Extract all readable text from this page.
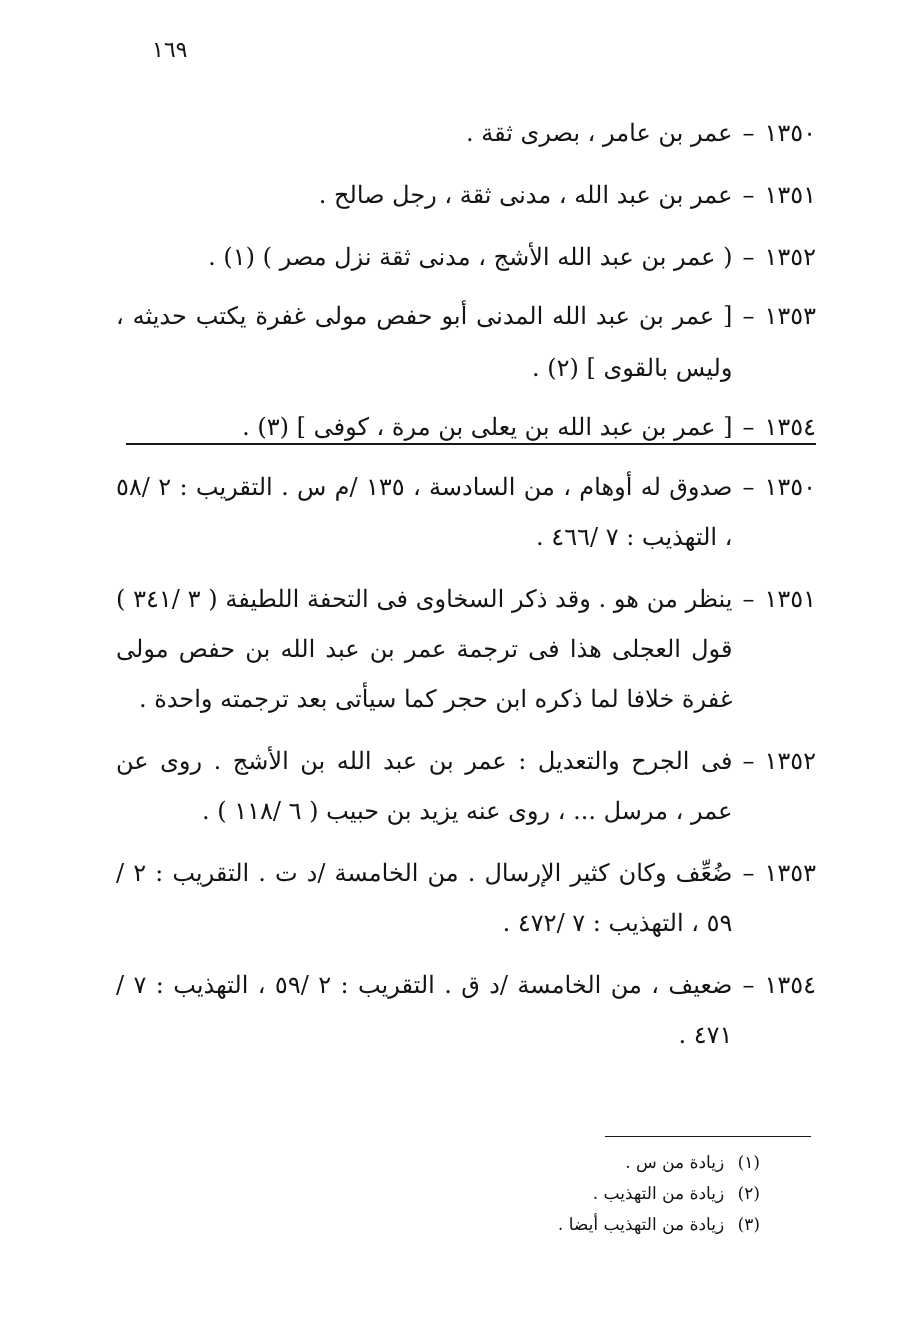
١٦٩
١٣٥٠
–
عمر بن عامر ، بصرى ثقة .
١٣٥١
–
عمر بن عبد الله ، مدنى ثقة ، رجل صالح .
١٣٥٢
–
( عمر بن عبد الله الأشج ، مدنى ثقة نزل مصر ) (١) .
١٣٥٣
–
[ عمر بن عبد الله المدنى أبو حفص مولى غفرة يكتب حديثه ، وليس بالقوى ] (٢) .
١٣٥٤
–
[ عمر بن عبد الله بن يعلى بن مرة ، كوفى ] (٣) .
١٣٥٠
–
صدوق له أوهام ، من السادسة ، ١٣٥ /م س . التقريب : ٢ /٥٨ ، التهذيب : ٧ /٤٦٦ .
١٣٥١
–
ينظر من هو . وقد ذكر السخاوى فى التحفة اللطيفة ( ٣ /٣٤١ ) قول العجلى هذا فى ترجمة عمر بن عبد الله بن حفص مولى غفرة خلافا لما ذكره ابن حجر كما سيأتى بعد ترجمته واحدة .
١٣٥٢
–
فى الجرح والتعديل : عمر بن عبد الله بن الأشج . روى عن عمر ، مرسل ... ، روى عنه يزيد بن حبيب ( ٦ /١١٨ ) .
١٣٥٣
–
ضُعِّف وكان كثير الإرسال . من الخامسة /د ت . التقريب : ٢ /٥٩ ، التهذيب : ٧ /٤٧٢ .
١٣٥٤
–
ضعيف ، من الخامسة /د ق . التقريب : ٢ /٥٩ ، التهذيب : ٧ /٤٧١ .
(١) زيادة من س .
(٢) زيادة من التهذيب .
(٣) زيادة من التهذيب أيضا .
